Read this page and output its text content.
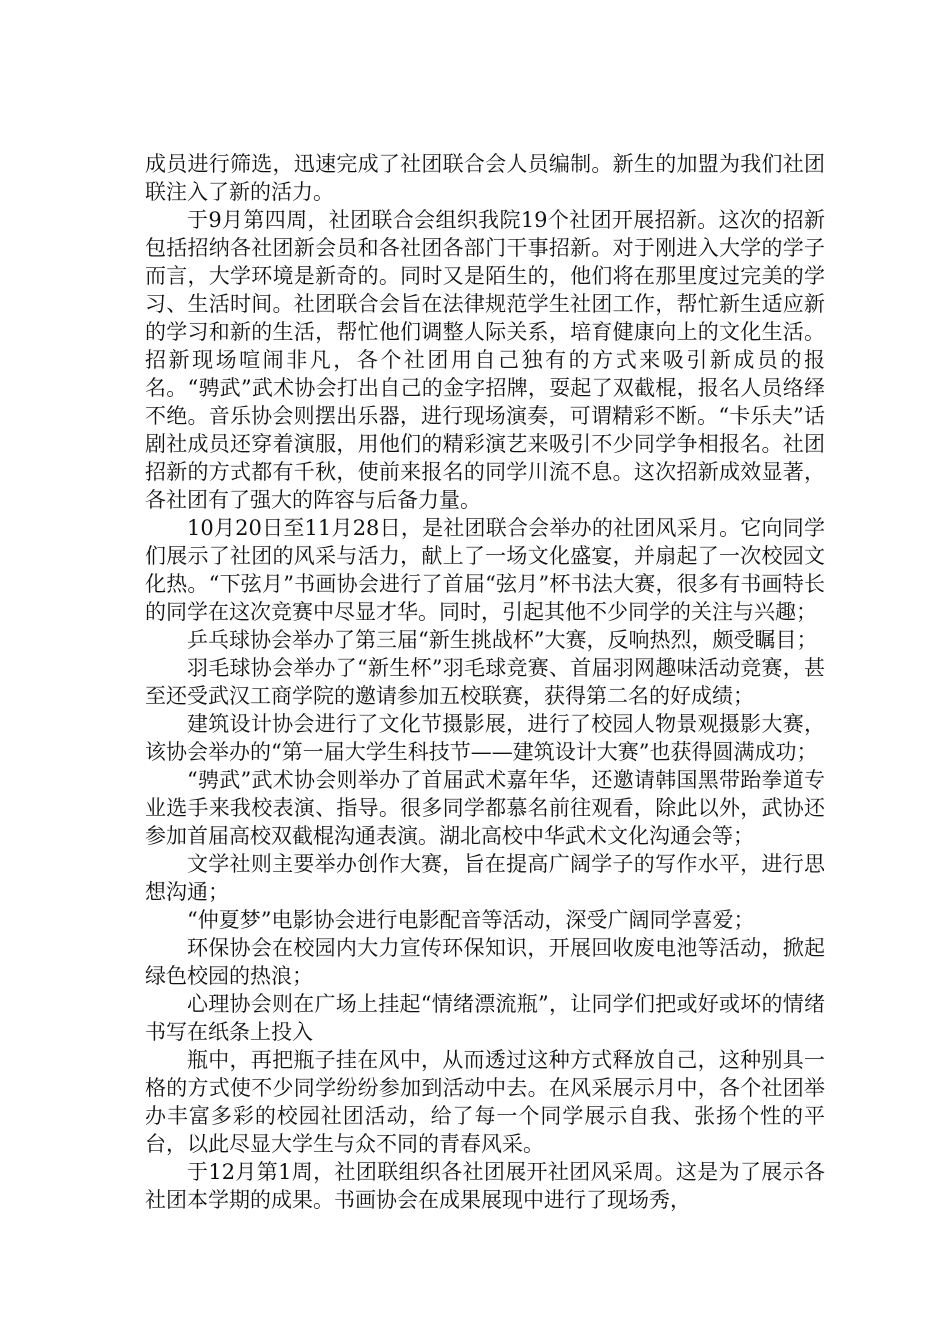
成员进行筛选，迅速完成了社团联合会人员编制。新生的加盟为我们社团联注入了新的活力。

于9月第四周，社团联合会组织我院19个社团开展招新。这次的招新包括招纳各社团新会员和各社团各部门干事招新。对于刚进入大学的学子而言，大学环境是新奇的。同时又是陌生的，他们将在那里度过完美的学习、生活时间。社团联合会旨在法律规范学生社团工作，帮忙新生适应新的学习和新的生活，帮忙他们调整人际关系，培育健康向上的文化生活。招新现场喧闹非凡，各个社团用自己独有的方式来吸引新成员的报名。“骋武”武术协会打出自己的金字招牌，耍起了双截棍，报名人员络绎不绝。音乐协会则摆出乐器，进行现场演奏，可谓精彩不断。“卡乐夫”话剧社成员还穿着演服，用他们的精彩演艺来吸引不少同学争相报名。社团招新的方式都有千秋，使前来报名的同学川流不息。这次招新成效显著，各社团有了强大的阵容与后备力量。

10月20日至11月28日，是社团联合会举办的社团风采月。它向同学们展示了社团的风采与活力，献上了一场文化盛宴，并扇起了一次校园文化热。“下弦月”书画协会进行了首届“弦月”杯书法大赛，很多有书画特长的同学在这次竞赛中尽显才华。同时，引起其他不少同学的关注与兴趣；

乒乓球协会举办了第三届“新生挑战杯”大赛，反响热烈，颇受瞩目；

羽毛球协会举办了“新生杯”羽毛球竞赛、首届羽网趣味活动竞赛，甚至还受武汉工商学院的邀请参加五校联赛，获得第二名的好成绩；

建筑设计协会进行了文化节摄影展，进行了校园人物景观摄影大赛，该协会举办的“第一届大学生科技节——建筑设计大赛”也获得圆满成功；

“骋武”武术协会则举办了首届武术嘉年华，还邀请韩国黑带跆拳道专业选手来我校表演、指导。很多同学都慕名前往观看，除此以外，武协还参加首届高校双截棍沟通表演。湖北高校中华武术文化沟通会等；

文学社则主要举办创作大赛，旨在提高广阔学子的写作水平，进行思想沟通；

“仲夏梦”电影协会进行电影配音等活动，深受广阔同学喜爱；

环保协会在校园内大力宣传环保知识，开展回收废电池等活动，掀起绿色校园的热浪；

心理协会则在广场上挂起“情绪漂流瓶”，让同学们把或好或坏的情绪书写在纸条上投入

瓶中，再把瓶子挂在风中，从而透过这种方式释放自己，这种别具一格的方式使不少同学纷纷参加到活动中去。在风采展示月中，各个社团举办丰富多彩的校园社团活动，给了每一个同学展示自我、张扬个性的平台，以此尽显大学生与众不同的青春风采。

于12月第1周，社团联组织各社团展开社团风采周。这是为了展示各社团本学期的成果。书画协会在成果展现中进行了现场秀，
